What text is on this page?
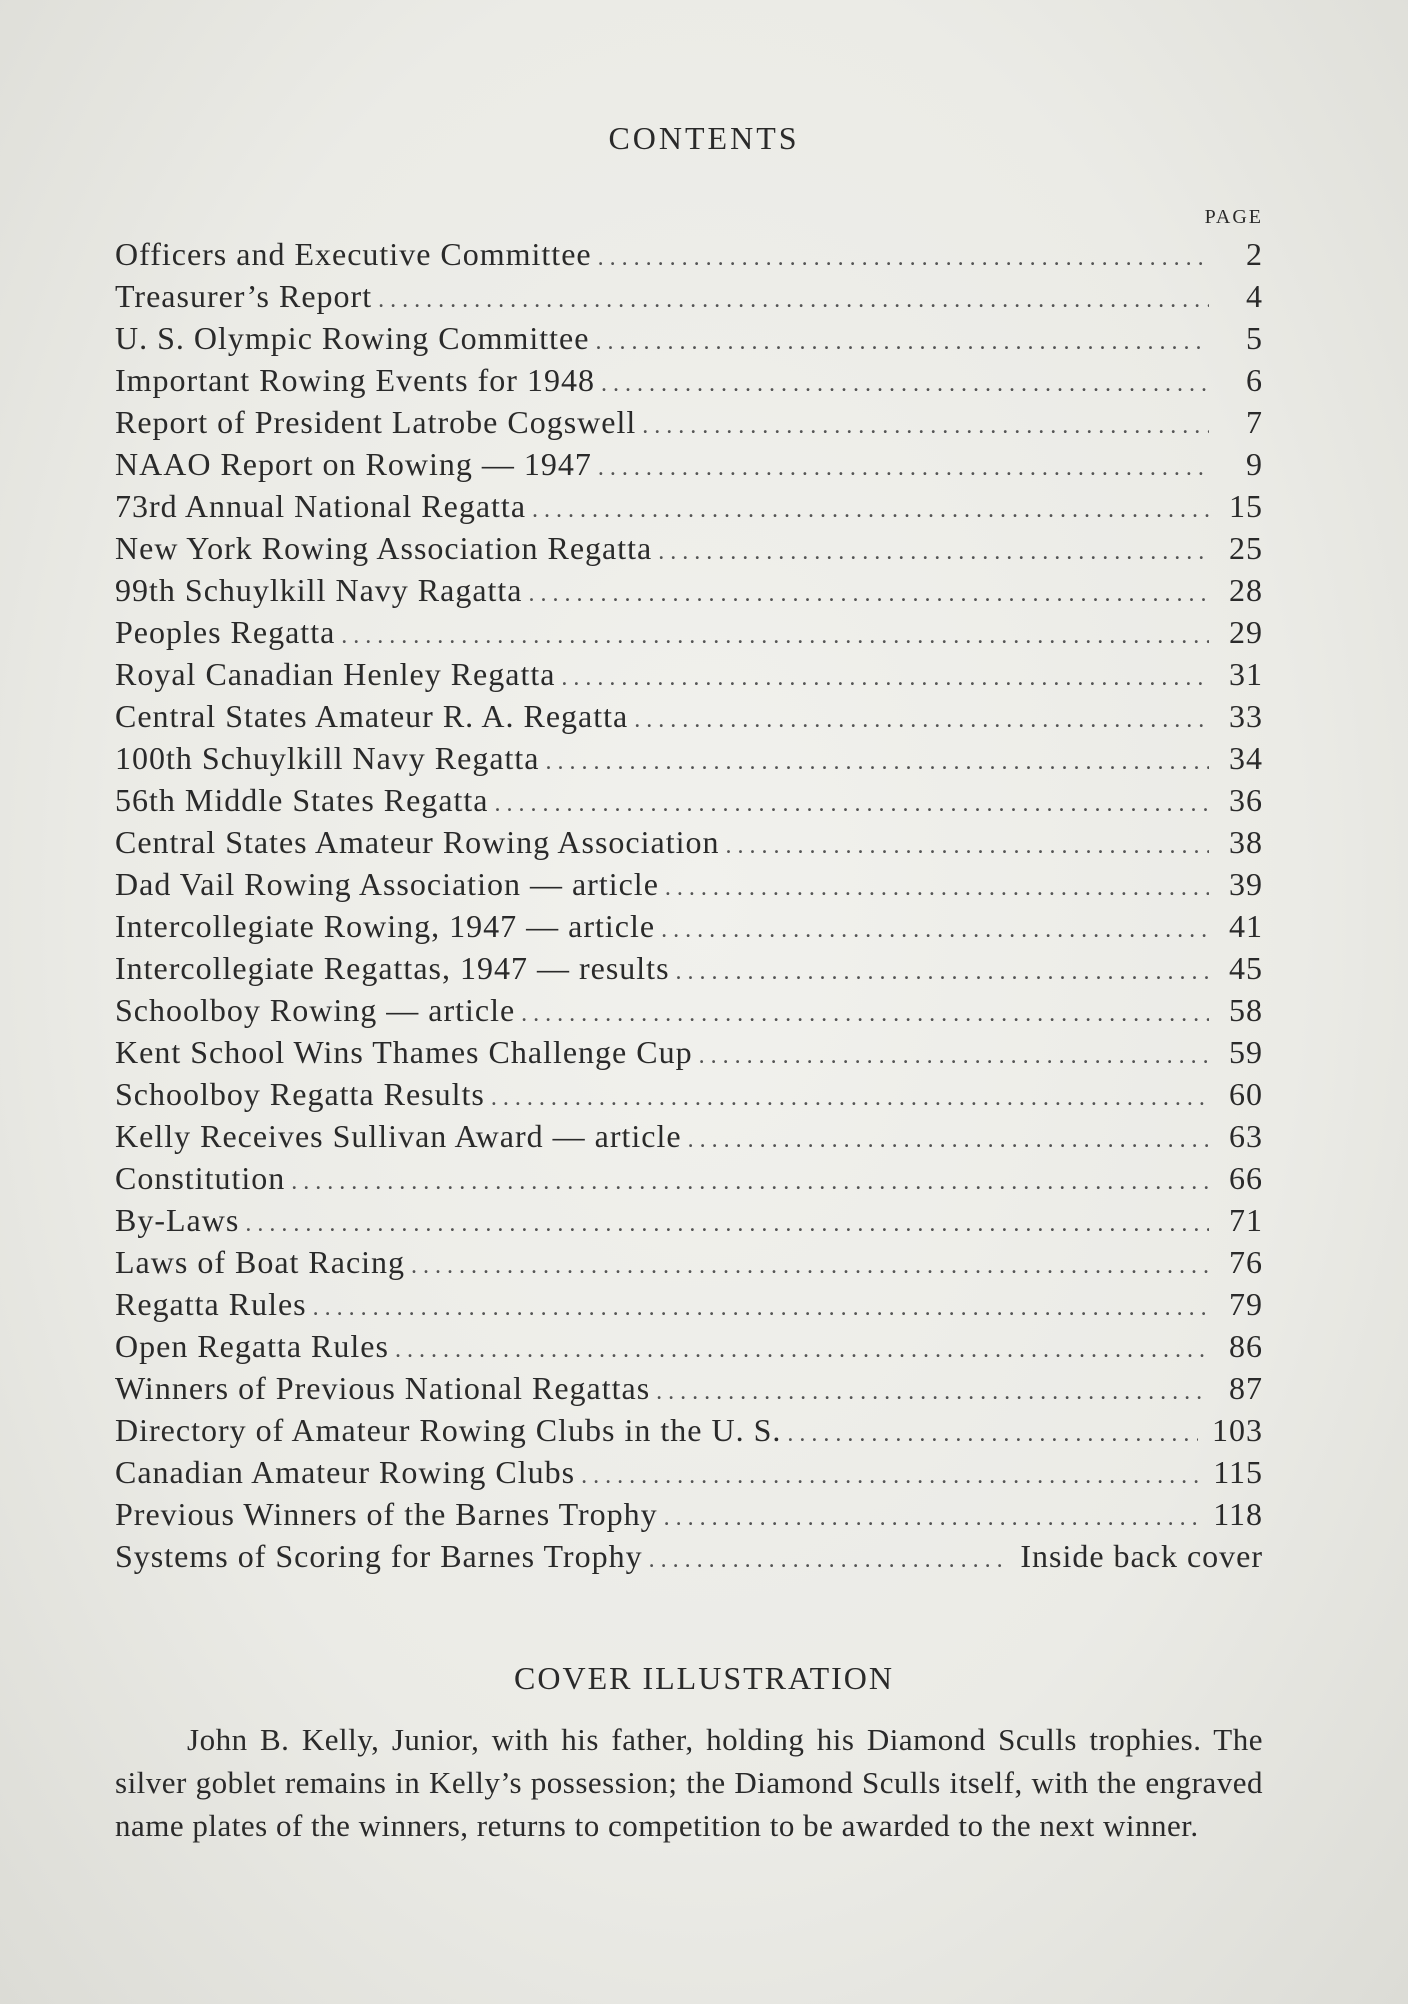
CONTENTS
PAGE
Officers and Executive Committee . . .	2
Treasurer’s Report . . .	4
U. S. Olympic Rowing Committee . . .	5
Important Rowing Events for 1948 . . .	6
Report of President Latrobe Cogswell . . .	7
NAAO Report on Rowing — 1947 . . .	9
73rd Annual National Regatta . . .	15
New York Rowing Association Regatta . . .	25
99th Schuylkill Navy Ragatta . . .	28
Peoples Regatta . . .	29
Royal Canadian Henley Regatta . . .	31
Central States Amateur R. A. Regatta . . .	33
100th Schuylkill Navy Regatta . . .	34
56th Middle States Regatta . . .	36
Central States Amateur Rowing Association . . .	38
Dad Vail Rowing Association — article . . .	39
Intercollegiate Rowing, 1947 — article . . .	41
Intercollegiate Regattas, 1947 — results . . .	45
Schoolboy Rowing — article . . .	58
Kent School Wins Thames Challenge Cup . . .	59
Schoolboy Regatta Results . . .	60
Kelly Receives Sullivan Award — article . . .	63
Constitution . . .	66
By-Laws . . .	71
Laws of Boat Racing . . .	76
Regatta Rules . . .	79
Open Regatta Rules . . .	86
Winners of Previous National Regattas . . .	87
Directory of Amateur Rowing Clubs in the U. S. . . .	103
Canadian Amateur Rowing Clubs . . .	115
Previous Winners of the Barnes Trophy . . .	118
Systems of Scoring for Barnes Trophy . . .	Inside back cover
COVER ILLUSTRATION

John B. Kelly, Junior, with his father, holding his Diamond Sculls trophies. The silver goblet remains in Kelly’s possession; the Diamond Sculls itself, with the engraved name plates of the winners, returns to competition to be awarded to the next winner.
